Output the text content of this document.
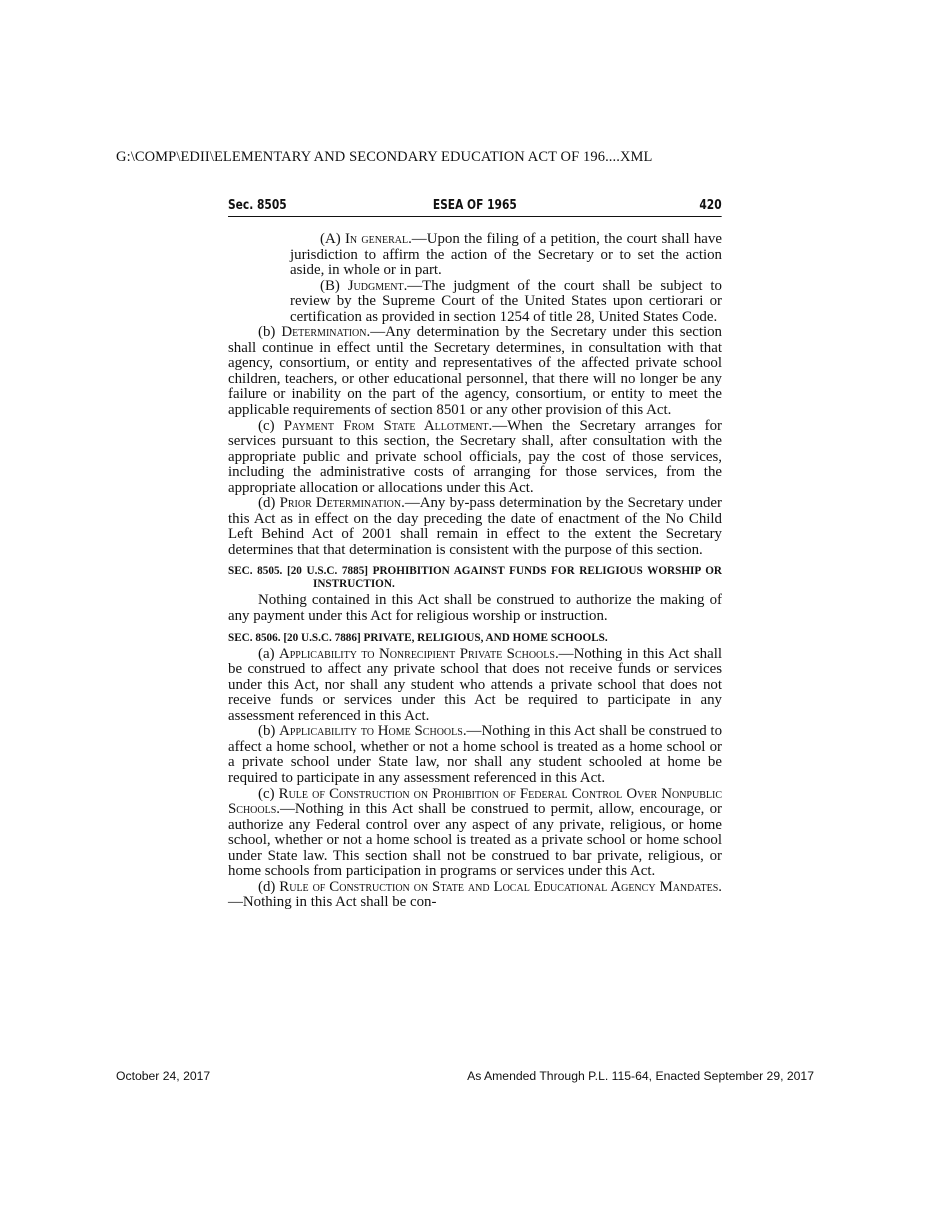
G:\COMP\EDII\ELEMENTARY AND SECONDARY EDUCATION ACT OF 196....XML
Sec. 8505	ESEA OF 1965	420

(A) In general.—Upon the filing of a petition, the court shall have jurisdiction to affirm the action of the Secretary or to set the action aside, in whole or in part.

(B) Judgment.—The judgment of the court shall be subject to review by the Supreme Court of the United States upon certiorari or certification as provided in section 1254 of title 28, United States Code.

(b) Determination.—Any determination by the Secretary under this section shall continue in effect until the Secretary determines, in consultation with that agency, consortium, or entity and representatives of the affected private school children, teachers, or other educational personnel, that there will no longer be any failure or inability on the part of the agency, consortium, or entity to meet the applicable requirements of section 8501 or any other provision of this Act.

(c) Payment From State Allotment.—When the Secretary arranges for services pursuant to this section, the Secretary shall, after consultation with the appropriate public and private school officials, pay the cost of those services, including the administrative costs of arranging for those services, from the appropriate allocation or allocations under this Act.

(d) Prior Determination.—Any by-pass determination by the Secretary under this Act as in effect on the day preceding the date of enactment of the No Child Left Behind Act of 2001 shall remain in effect to the extent the Secretary determines that that determination is consistent with the purpose of this section.

SEC. 8505. [20 U.S.C. 7885] PROHIBITION AGAINST FUNDS FOR RELIGIOUS WORSHIP OR INSTRUCTION.

Nothing contained in this Act shall be construed to authorize the making of any payment under this Act for religious worship or instruction.

SEC. 8506. [20 U.S.C. 7886] PRIVATE, RELIGIOUS, AND HOME SCHOOLS.

(a) Applicability to Nonrecipient Private Schools.—Nothing in this Act shall be construed to affect any private school that does not receive funds or services under this Act, nor shall any student who attends a private school that does not receive funds or services under this Act be required to participate in any assessment referenced in this Act.

(b) Applicability to Home Schools.—Nothing in this Act shall be construed to affect a home school, whether or not a home school is treated as a home school or a private school under State law, nor shall any student schooled at home be required to participate in any assessment referenced in this Act.

(c) Rule of Construction on Prohibition of Federal Control Over Nonpublic Schools.—Nothing in this Act shall be construed to permit, allow, encourage, or authorize any Federal control over any aspect of any private, religious, or home school, whether or not a home school is treated as a private school or home school under State law. This section shall not be construed to bar private, religious, or home schools from participation in programs or services under this Act.

(d) Rule of Construction on State and Local Educational Agency Mandates.—Nothing in this Act shall be con-

October 24, 2017	As Amended Through P.L. 115-64, Enacted September 29, 2017
